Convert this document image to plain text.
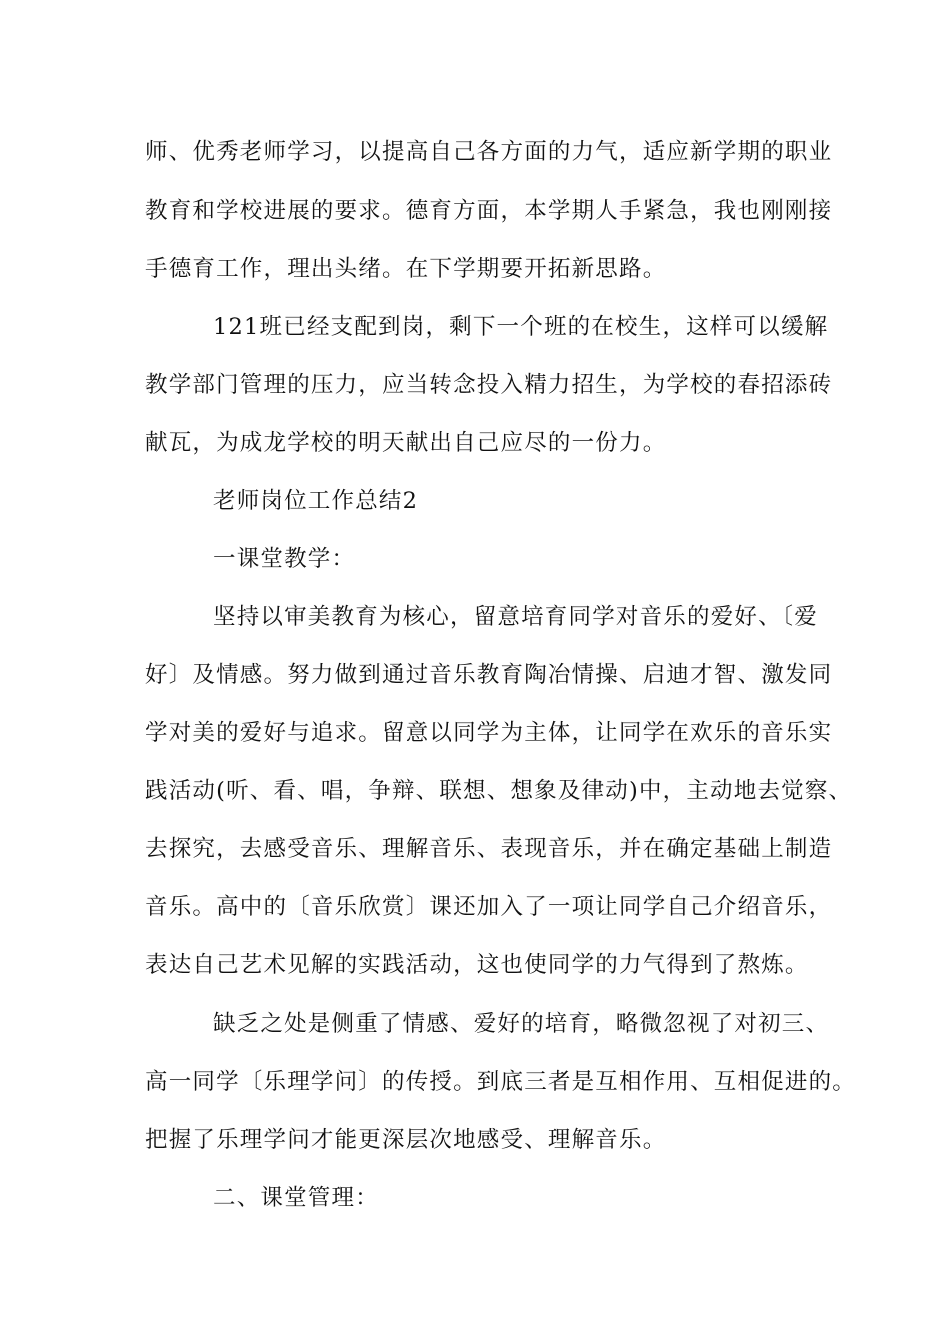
师、优秀老师学习，以提高自己各方面的力气，适应新学期的职业
教育和学校进展的要求。德育方面，本学期人手紧急，我也刚刚接
手德育工作，理出头绪。在下学期要开拓新思路。
121班已经支配到岗，剩下一个班的在校生，这样可以缓解
教学部门管理的压力，应当转念投入精力招生，为学校的春招添砖
献瓦，为成龙学校的明天献出自己应尽的一份力。
老师岗位工作总结2
一课堂教学：
坚持以审美教育为核心，留意培育同学对音乐的爱好、〔爱
好〕及情感。努力做到通过音乐教育陶冶情操、启迪才智、激发同
学对美的爱好与追求。留意以同学为主体，让同学在欢乐的音乐实
践活动(听、看、唱，争辩、联想、想象及律动)中，主动地去觉察、
去探究，去感受音乐、理解音乐、表现音乐，并在确定基础上制造
音乐。高中的〔音乐欣赏〕课还加入了一项让同学自己介绍音乐，
表达自己艺术见解的实践活动，这也使同学的力气得到了熬炼。
缺乏之处是侧重了情感、爱好的培育，略微忽视了对初三、
高一同学〔乐理学问〕的传授。到底三者是互相作用、互相促进的。
把握了乐理学问才能更深层次地感受、理解音乐。
二、课堂管理：
